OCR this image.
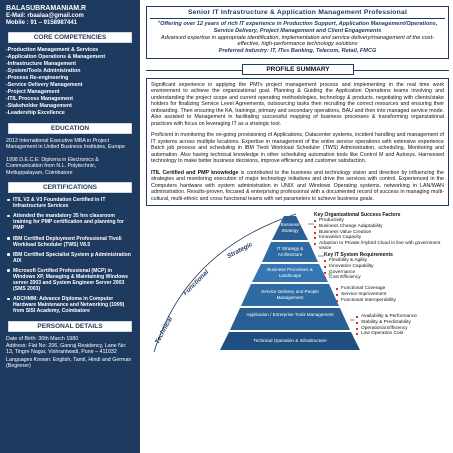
BALASUBRAMANIAM.R
E-Mail: rbaalaa@gmail.com
Mobile : 91 – 9158987441
CORE COMPETENCIES
-Production Management & Services
-Application Operations & Management
-Infrastructure Management
-System/Tools Administration
-Process Re-engineering
-Service Delivery Management
-Project Management
-ITIL Process Management
-Stakeholder Management
-Leadership Excellence
EDUCATION

2013 International Executive MBA in Project Management in United Business Institutes, Europe

1998 D.E.C.E: Diploma in Electronics & Communication from N.L. Polytechnic, Mettuppalayam, Coimbatore

CERTIFICATIONS
ITIL V2 & V3 Foundation Certified in IT Infrastructure Services
Attended the mandatory 35 hrs classroom training for PMP certification and planning for PMP
IBM Certified Deployment Professional Tivoli Workload Scheduler (TWS) V8.5
IBM Certified Specialist System p Administration AIX
Microsoft Certified Professional (MCP) in Windows XP, Managing & Maintaining Windows server 2003 and System Engineer Server 2003 (SMS 2003)
ADCHMM: Advance Diploma in Computer Hardware Maintenance and Networking (1999) from SISI Academy, Coimbatore
PERSONAL DETAILS

Date of Birth: 30th March 1980

Address: Flat No: 206, Ganraj Residency, Lane No: 13, Tingre Nagar, Vishrantwadi, Pune – 411032

Languages Known: English, Tamil, Hindi and German (Beginner)

Senior IT Infrastructure & Application Management Professional
"Offering over 12 years of rich IT experience in Production Support, Application Management/Operations, Service Delivery, Project Management and Client Engagements
Advanced expertise in appropriate identification, implementation and service delivery/management of the cost-effective, high-performance technology solutions
Preferred Industry: IT, ITes Banking, Telecom, Retail, FMCG
PROFILE SUMMARY

Significant experience in applying the PMI's project management process and implementing in the real time work environment to achieve the organizational goal. Planning & Guiding the Application Operations teams involving and understanding the project scope and current operating methodologies, technology & products, negotiating with clients/stake holders for finalizing Service Level Agreements, outsourcing tasks then recruiting the correct resources and ensuring their onboarding. Then ensuring the KA, trainings, primary and secondary operations, BAU and then into managed service mode. Also assisted to Management in facilitating successful mapping of business processes & transforming organizational practices with focus on leveraging IT as a strategic tool.

Proficient in monitoring the on-going provisioning of Applications, Datacenter systems, incident handling and management of IT systems across multiple locations. Expertise in management of the entire service operations with extensive experience Batch job process and scheduling in IBM Tivoli Workload Scheduler (TWS) Administration, scheduling, Monitoring and automation. Also having technical knowledge in other scheduling automation tools like Control M and Autosys. Harnessed technology to make better business decisions, improve efficiency and customer satisfaction.

ITIL Certified and PMP knowledge is contributed to the business and technology vision and direction by influencing the strategies and monitoring execution of major technology initiatives and drive the services with control. Experienced in the Computers hardware with system administration in UNIX and Windows Operating systems, networking in LAN/WAN administration. Results-proven, focused & enterprising professional with a documented record of success in managing multi-cultural, multi-ethnic and cross functional teams with set parameters to achieve business goals.

Business Strategy
IT Strategy & Architecture
Business Processes & Landscape
Service Delivery and People Management
Application / Enterprise Tools Management
Technical Operation & Infrastructure
Technical
Functional
Strategic
Key Organizational Success Factors
Productivity
Business Change Adaptability
Business Value Creation
Innovation Capacity
Adoption to Private /Hybrid Cloud in line with government vision
Key IT System Requirements
Flexibility & Agility
Innovation Capability
Governance
Cost Efficiency
Functional Coverage
Service Improvement
Functional Interoperability
Availability & Performance
Stability & Predictability
Operational Efficiency
Low Operation Cost
